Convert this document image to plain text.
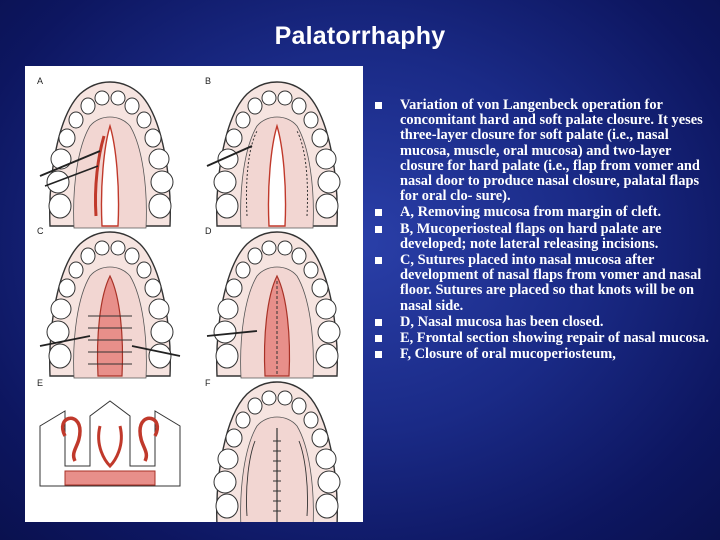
Palatorrhaphy
A	B
C	D
E	F
Variation of von Langenbeck operation for concomitant hard and soft palate closure. It yeses three-layer closure for soft palate (i.e., nasal mucosa, muscle, oral mucosa) and two-layer closure for hard palate (i.e., flap from vomer and nasal door to produce nasal closure, palatal flaps for oral clo- sure).
A, Removing mucosa from margin of cleft.
B, Mucoperiosteal flaps on hard palate are developed; note lateral releasing incisions.
C, Sutures placed into nasal mucosa after development of nasal flaps from vomer and nasal floor. Sutures are placed so that knots will be on nasal side.
D, Nasal mucosa has been closed.
E, Frontal section showing repair of nasal mucosa.
F, Closure of oral mucoperiosteum,
